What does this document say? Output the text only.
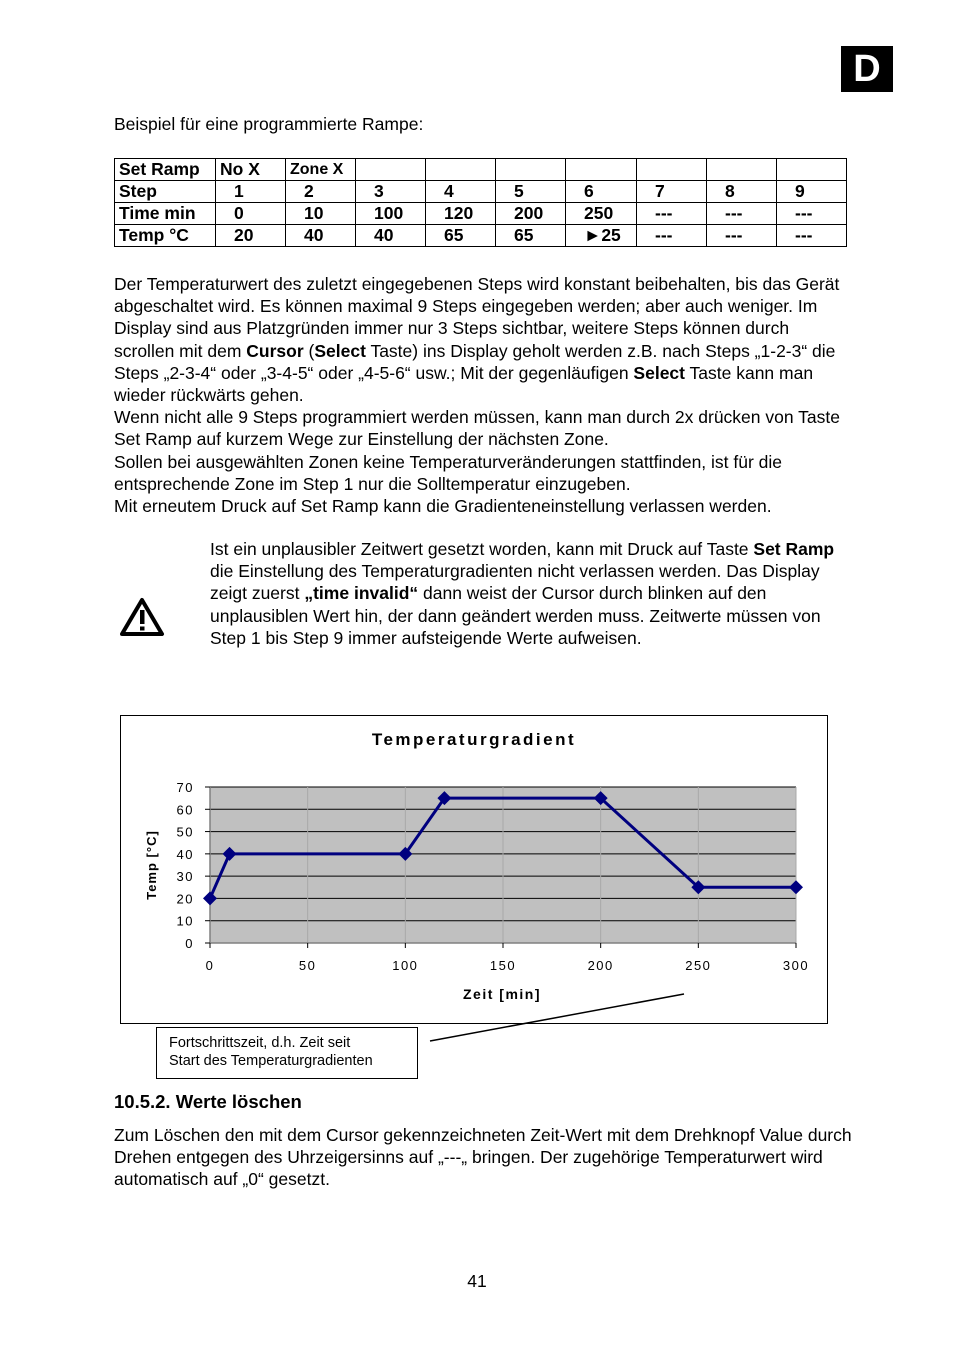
D
Beispiel für eine programmierte Rampe:
Set Ramp	No X	Zone X							
Step	1	2	3	4	5	6	7	8	9
Time min	0	10	100	120	200	250	---	---	---
Temp °C	20	40	40	65	65	►25	---	---	---

Der Temperaturwert des zuletzt eingegebenen Steps wird konstant beibehalten, bis das Gerät abgeschaltet wird. Es können maximal 9 Steps eingegeben werden; aber auch weniger. Im Display sind aus Platzgründen immer nur 3 Steps sichtbar, weitere Steps können durch scrollen mit dem Cursor (Select Taste) ins Display geholt werden z.B. nach Steps „1-2-3“ die Steps „2-3-4“ oder „3-4-5“ oder „4-5-6“ usw.; Mit der gegenläufigen Select Taste kann man wieder rückwärts gehen.

Wenn nicht alle 9 Steps programmiert werden müssen, kann man durch 2x drücken von Taste Set Ramp auf kurzem Wege zur Einstellung der nächsten Zone.

Sollen bei ausgewählten Zonen keine Temperaturveränderungen stattfinden, ist für die entsprechende Zone im Step 1 nur die Solltemperatur einzugeben.

Mit erneutem Druck auf Set Ramp kann die Gradienteneinstellung verlassen werden.

Ist ein unplausibler Zeitwert gesetzt worden, kann mit Druck auf Taste Set Ramp die Einstellung des Temperaturgradienten nicht verlassen werden. Das Display zeigt zuerst „time invalid“ dann weist der Cursor durch blinken auf den unplausiblen Wert hin, der dann geändert werden muss. Zeitwerte müssen von Step 1 bis Step 9 immer aufsteigende Werte aufweisen.
Temperaturgradient
0
10
20
30
40
50
60
70
0	50	100	150	200	250	300
Zeit [min]
Temp [°C]
Fortschrittszeit, d.h. Zeit seit
Start des Temperaturgradienten
10.5.2. Werte löschen

Zum Löschen den mit dem Cursor gekennzeichneten Zeit-Wert mit dem Drehknopf Value durch Drehen entgegen des Uhrzeigersinns auf „---„ bringen. Der zugehörige Temperaturwert wird automatisch auf „0“ gesetzt.

41
